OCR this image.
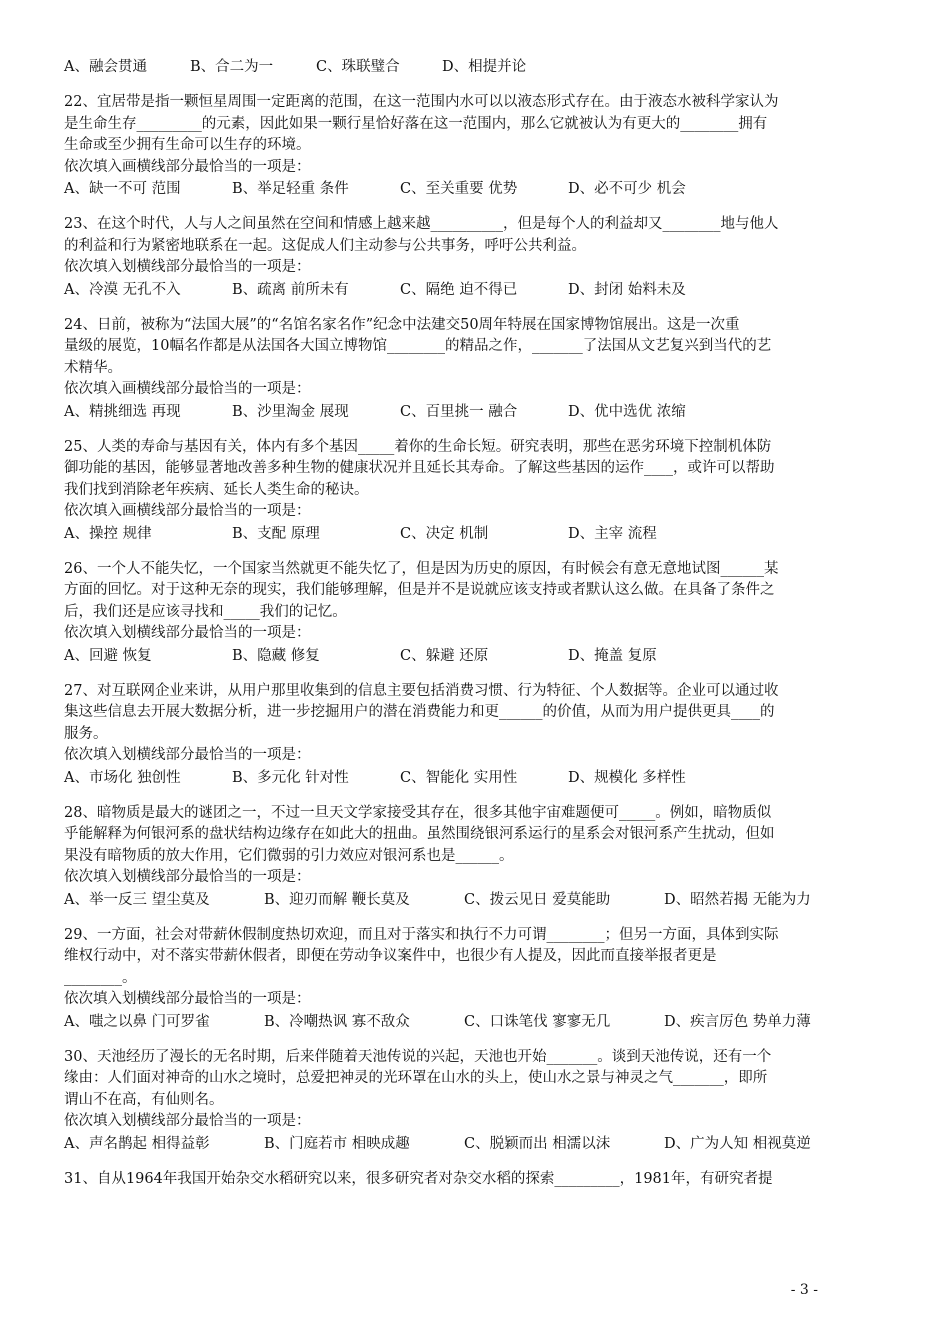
A、融会贯通	B、合二为一	C、珠联璧合	D、相提并论
22、宜居带是指一颗恒星周围一定距离的范围，在这一范围内水可以以液态形式存在。由于液态水被科学家认为
是生命生存_________的元素，因此如果一颗行星恰好落在这一范围内，那么它就被认为有更大的________拥有
生命或至少拥有生命可以生存的环境。
依次填入画横线部分最恰当的一项是：
A、缺一不可 范围	B、举足轻重 条件	C、至关重要 优势	D、必不可少 机会
23、在这个时代，人与人之间虽然在空间和情感上越来越__________，但是每个人的利益却又________地与他人
的利益和行为紧密地联系在一起。这促成人们主动参与公共事务，呼吁公共利益。
依次填入划横线部分最恰当的一项是：
A、冷漠 无孔不入	B、疏离 前所未有	C、隔绝 迫不得已	D、封闭 始料未及
24、日前，被称为“法国大展”的“名馆名家名作”纪念中法建交50周年特展在国家博物馆展出。这是一次重
量级的展览，10幅名作都是从法国各大国立博物馆________的精品之作，_______了法国从文艺复兴到当代的艺
术精华。
依次填入画横线部分最恰当的一项是：
A、精挑细选 再现	B、沙里淘金 展现	C、百里挑一 融合	D、优中选优 浓缩
25、人类的寿命与基因有关，体内有多个基因_____着你的生命长短。研究表明，那些在恶劣环境下控制机体防
御功能的基因，能够显著地改善多种生物的健康状况并且延长其寿命。了解这些基因的运作____，或许可以帮助
我们找到消除老年疾病、延长人类生命的秘诀。
依次填入画横线部分最恰当的一项是：
A、操控 规律	B、支配 原理	C、决定 机制	D、主宰 流程
26、一个人不能失忆，一个国家当然就更不能失忆了，但是因为历史的原因，有时候会有意无意地试图______某
方面的回忆。对于这种无奈的现实，我们能够理解，但是并不是说就应该支持或者默认这么做。在具备了条件之
后，我们还是应该寻找和_____我们的记忆。
依次填入划横线部分最恰当的一项是：
A、回避 恢复	B、隐藏 修复	C、躲避 还原	D、掩盖 复原
27、对互联网企业来讲，从用户那里收集到的信息主要包括消费习惯、行为特征、个人数据等。企业可以通过收
集这些信息去开展大数据分析，进一步挖掘用户的潜在消费能力和更______的价值，从而为用户提供更具____的
服务。
依次填入划横线部分最恰当的一项是：
A、市场化 独创性	B、多元化 针对性	C、智能化 实用性	D、规模化 多样性
28、暗物质是最大的谜团之一，不过一旦天文学家接受其存在，很多其他宇宙难题便可_____。例如，暗物质似
乎能解释为何银河系的盘状结构边缘存在如此大的扭曲。虽然围绕银河系运行的星系会对银河系产生扰动，但如
果没有暗物质的放大作用，它们微弱的引力效应对银河系也是______。
依次填入划横线部分最恰当的一项是：
A、举一反三 望尘莫及	B、迎刃而解 鞭长莫及	C、拨云见日 爱莫能助	D、昭然若揭 无能为力
29、一方面，社会对带薪休假制度热切欢迎，而且对于落实和执行不力可谓________；但另一方面，具体到实际
维权行动中，对不落实带薪休假者，即便在劳动争议案件中，也很少有人提及，因此而直接举报者更是
________。
依次填入划横线部分最恰当的一项是：
A、嗤之以鼻 门可罗雀	B、冷嘲热讽 寡不敌众	C、口诛笔伐 寥寥无几	D、疾言厉色 势单力薄
30、天池经历了漫长的无名时期，后来伴随着天池传说的兴起，天池也开始_______。谈到天池传说，还有一个
缘由：人们面对神奇的山水之境时，总爱把神灵的光环罩在山水的头上，使山水之景与神灵之气_______，即所
谓山不在高，有仙则名。
依次填入划横线部分最恰当的一项是：
A、声名鹊起 相得益彰	B、门庭若市 相映成趣	C、脱颖而出 相濡以沫	D、广为人知 相视莫逆
31、自从1964年我国开始杂交水稻研究以来，很多研究者对杂交水稻的探索_________，1981年，有研究者提
- 3 -
